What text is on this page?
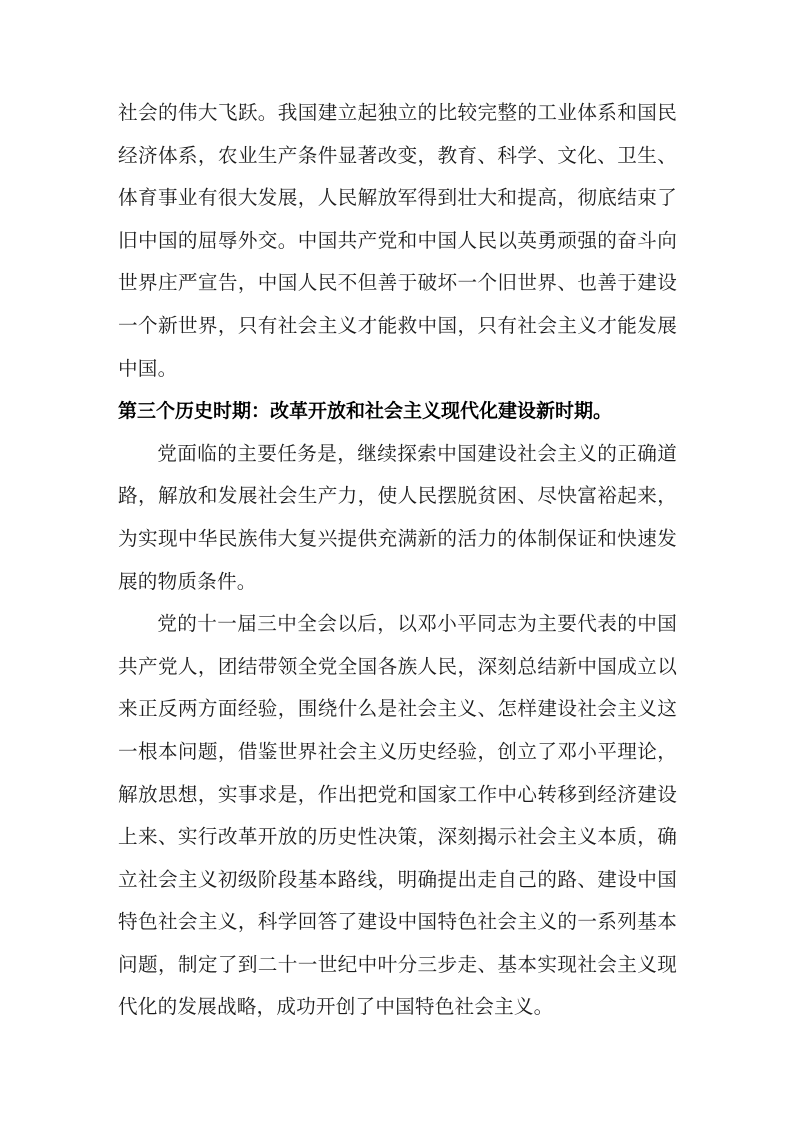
社会的伟大飞跃。我国建立起独立的比较完整的工业体系和国民经济体系，农业生产条件显著改变，教育、科学、文化、卫生、体育事业有很大发展，人民解放军得到壮大和提高，彻底结束了旧中国的屈辱外交。中国共产党和中国人民以英勇顽强的奋斗向世界庄严宣告，中国人民不但善于破坏一个旧世界、也善于建设一个新世界，只有社会主义才能救中国，只有社会主义才能发展中国。

第三个历史时期：改革开放和社会主义现代化建设新时期。

党面临的主要任务是，继续探索中国建设社会主义的正确道路，解放和发展社会生产力，使人民摆脱贫困、尽快富裕起来，为实现中华民族伟大复兴提供充满新的活力的体制保证和快速发展的物质条件。

党的十一届三中全会以后，以邓小平同志为主要代表的中国共产党人，团结带领全党全国各族人民，深刻总结新中国成立以来正反两方面经验，围绕什么是社会主义、怎样建设社会主义这一根本问题，借鉴世界社会主义历史经验，创立了邓小平理论，解放思想，实事求是，作出把党和国家工作中心转移到经济建设上来、实行改革开放的历史性决策，深刻揭示社会主义本质，确立社会主义初级阶段基本路线，明确提出走自己的路、建设中国特色社会主义，科学回答了建设中国特色社会主义的一系列基本问题，制定了到二十一世纪中叶分三步走、基本实现社会主义现代化的发展战略，成功开创了中国特色社会主义。
